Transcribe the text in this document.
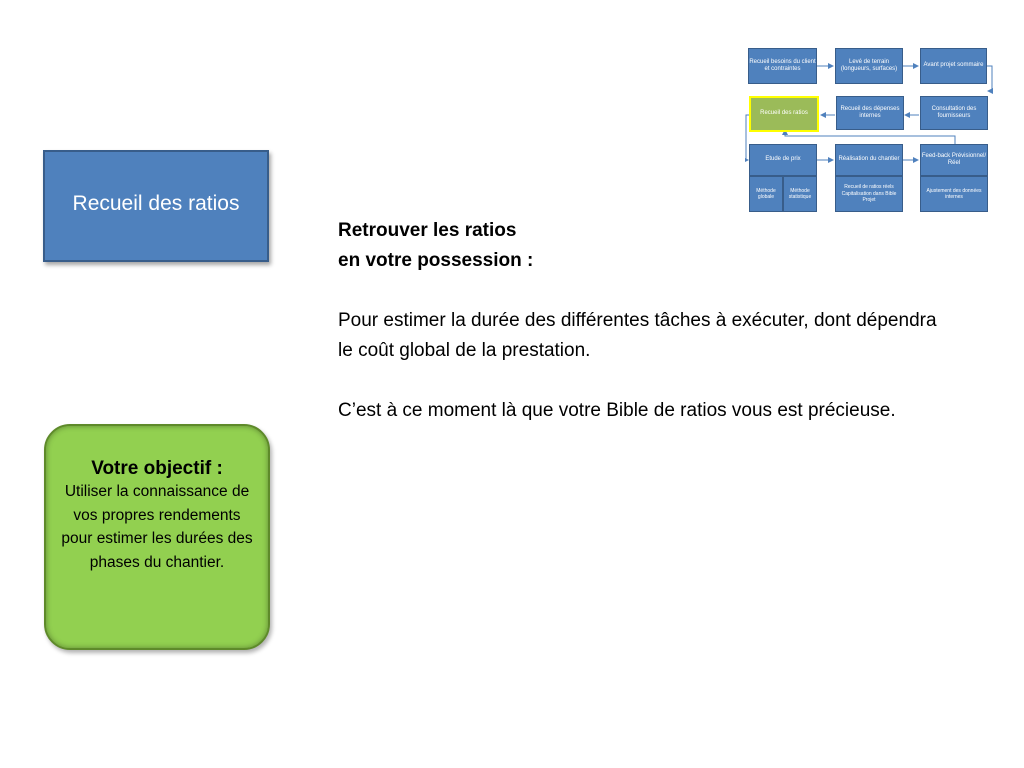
Recueil des ratios

Retrouver les ratios

en votre possession :

Pour estimer la durée des différentes tâches à exécuter, dont dépendra le coût global de la prestation.

C’est à ce moment là que votre Bible de ratios vous est précieuse.

Votre objectif :
Utiliser la connaissance de vos propres rendements pour estimer les durées des phases du chantier.
Recueil besoins du client et contraintes
Levé de terrain (longueurs, surfaces)
Avant projet sommaire
Recueil des ratios
Recueil des dépenses internes
Consultation des fournisseurs
Etude de prix
Méthode globale
Méthode statistique
Réalisation du chantier
Recueil de ratios réels Capitalisation dans Bible Projet
Feed-back Prévisionnel/ Réel
Ajustement des données internes
